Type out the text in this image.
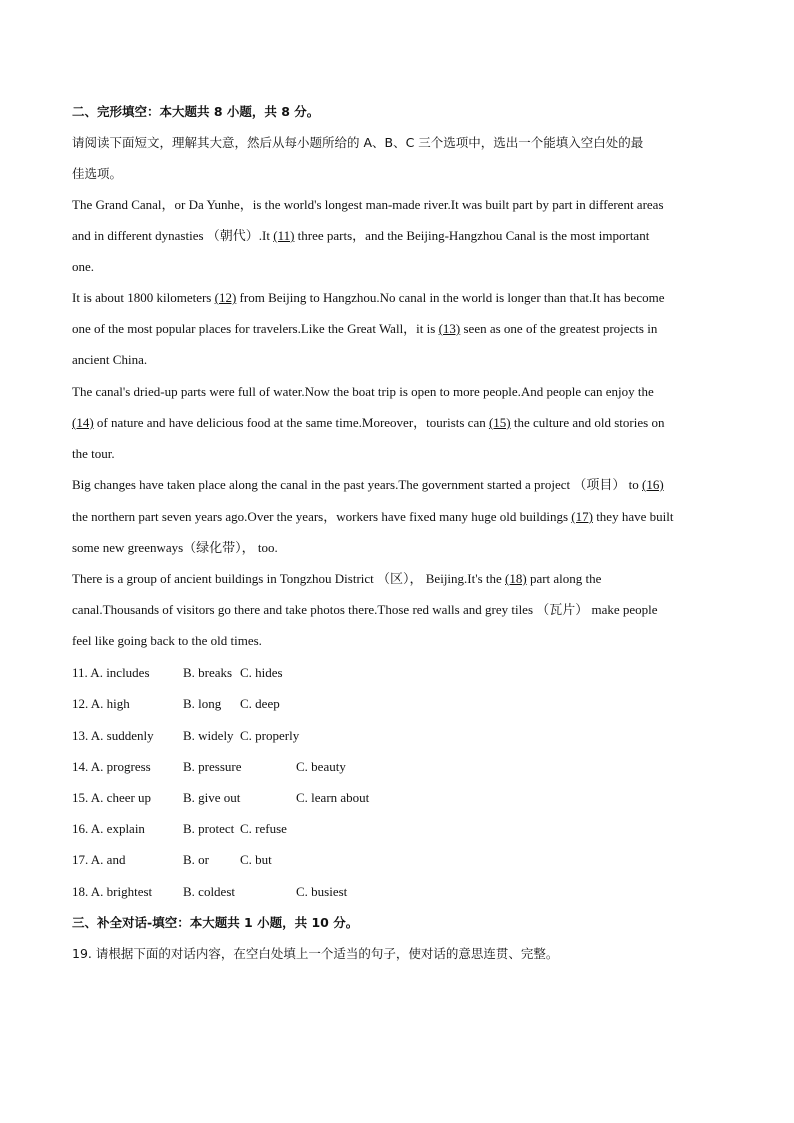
二、完形填空：本大题共 8 小题，共 8 分。
请阅读下面短文，理解其大意，然后从每小题所给的 A、B、C 三个选项中，选出一个能填入空白处的最
佳选项。
The Grand Canal，or Da Yunhe，is the world's longest man-made river.It was built part by part in different areas
and in different dynasties （朝代）.It (11) three parts，and the Beijing-Hangzhou Canal is the most important
one.
It is about 1800 kilometers (12) from Beijing to Hangzhou.No canal in the world is longer than that.It has become
one of the most popular places for travelers.Like the Great Wall，it is (13) seen as one of the greatest projects in
ancient China.
The canal's dried-up parts were full of water.Now the boat trip is open to more people.And people can enjoy the
(14) of nature and have delicious food at the same time.Moreover，tourists can (15) the culture and old stories on
the tour.
Big changes have taken place along the canal in the past years.The government started a project （项目） to (16)
the northern part seven years ago.Over the years，workers have fixed many huge old buildings (17) they have built
some new greenways（绿化带）， too.
There is a group of ancient buildings in Tongzhou District （区）， Beijing.It's the (18) part along the
canal.Thousands of visitors go there and take photos there.Those red walls and grey tiles （瓦片） make people
feel like going back to the old times.
11. A. includes	B. breaks C. hides
12. A. high	B. long C. deep
13. A. suddenly B. widely C. properly
14. A. progress B. pressure	C. beauty
15. A. cheer up B. give out	C. learn about
16. A. explain	B. protect C. refuse
17. A. and	B. or C. but
18. A. brightest B. coldest	C. busiest
三、补全对话-填空：本大题共 1 小题，共 10 分。
19. 请根据下面的对话内容，在空白处填上一个适当的句子，使对话的意思连贯、完整。
